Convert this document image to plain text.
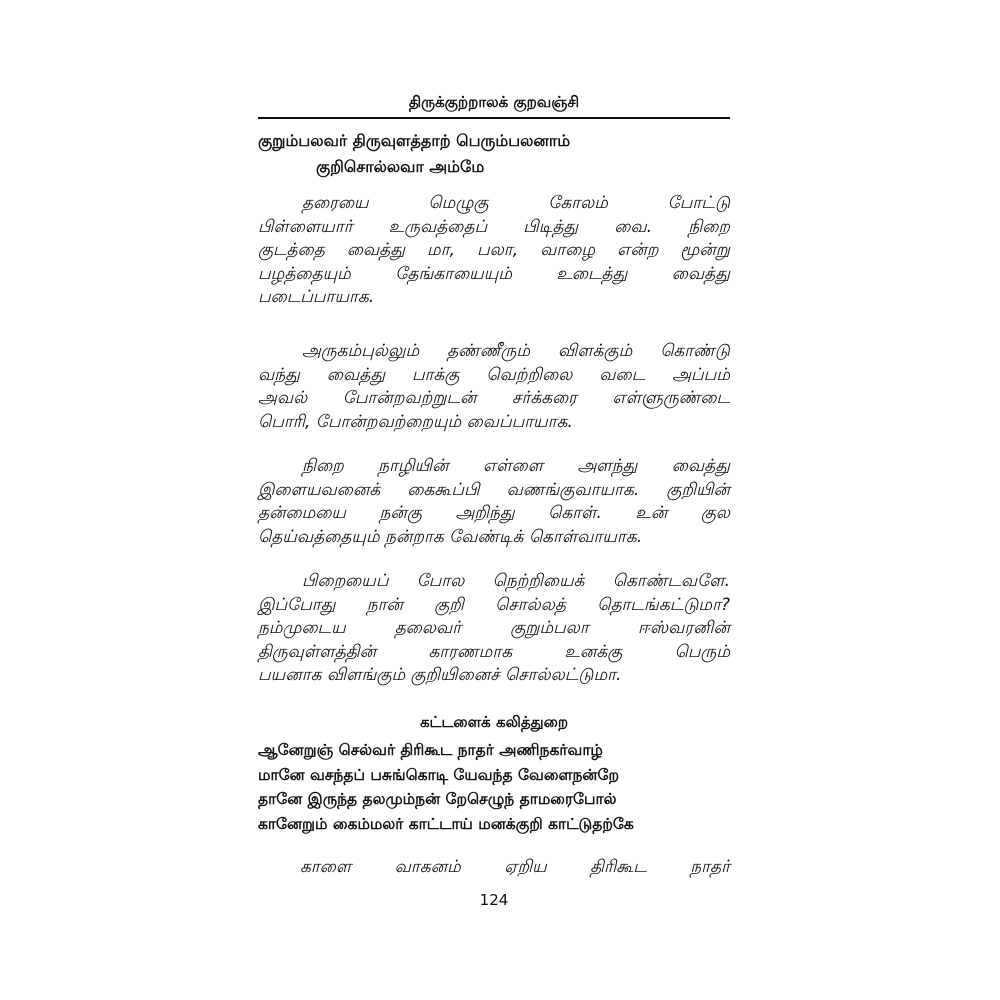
திருக்குற்றாலக் குறவஞ்சி
குறும்பலவர் திருவுளத்தாற் பெரும்பலனாம்
குறிசொல்லவா அம்மே
தரையை மெழுகு கோலம் போட்டு
பிள்ளையார் உருவத்தைப் பிடித்து வை. நிறை
குடத்தை வைத்து மா, பலா, வாழை என்ற மூன்று
பழத்தையும் தேங்காயையும் உடைத்து வைத்து
படைப்பாயாக.
அருகம்புல்லும் தண்ணீரும் விளக்கும் கொண்டு
வந்து வைத்து பாக்கு வெற்றிலை வடை அப்பம்
அவல் போன்றவற்றுடன் சர்க்கரை எள்ளுருண்டை
பொரி, போன்றவற்றையும் வைப்பாயாக.
நிறை நாழியின் எள்ளை அளந்து வைத்து
இளையவனைக் கைகூப்பி வணங்குவாயாக. குறியின்
தன்மையை நன்கு அறிந்து கொள். உன் குல
தெய்வத்தையும் நன்றாக வேண்டிக் கொள்வாயாக.
பிறையைப் போல நெற்றியைக் கொண்டவளே.
இப்போது நான் குறி சொல்லத் தொடங்கட்டுமா?
நம்முடைய தலைவர் குறும்பலா ஈஸ்வரனின்
திருவுள்ளத்தின் காரணமாக உனக்கு பெரும்
பயனாக விளங்கும் குறியினைச் சொல்லட்டுமா.
கட்டளைக் கலித்துறை
ஆனேறுஞ் செல்வர் திரிகூட நாதர் அணிநகர்வாழ்
மானே வசந்தப் பசுங்கொடி யேவந்த வேளைநன்றே
தானே இருந்த தலமும்நன் றேசெழுந் தாமரைபோல்
கானேறும் கைம்மலர் காட்டாய் மனக்குறி காட்டுதற்கே
காளை வாகனம் ஏறிய திரிகூட நாதர்
124
